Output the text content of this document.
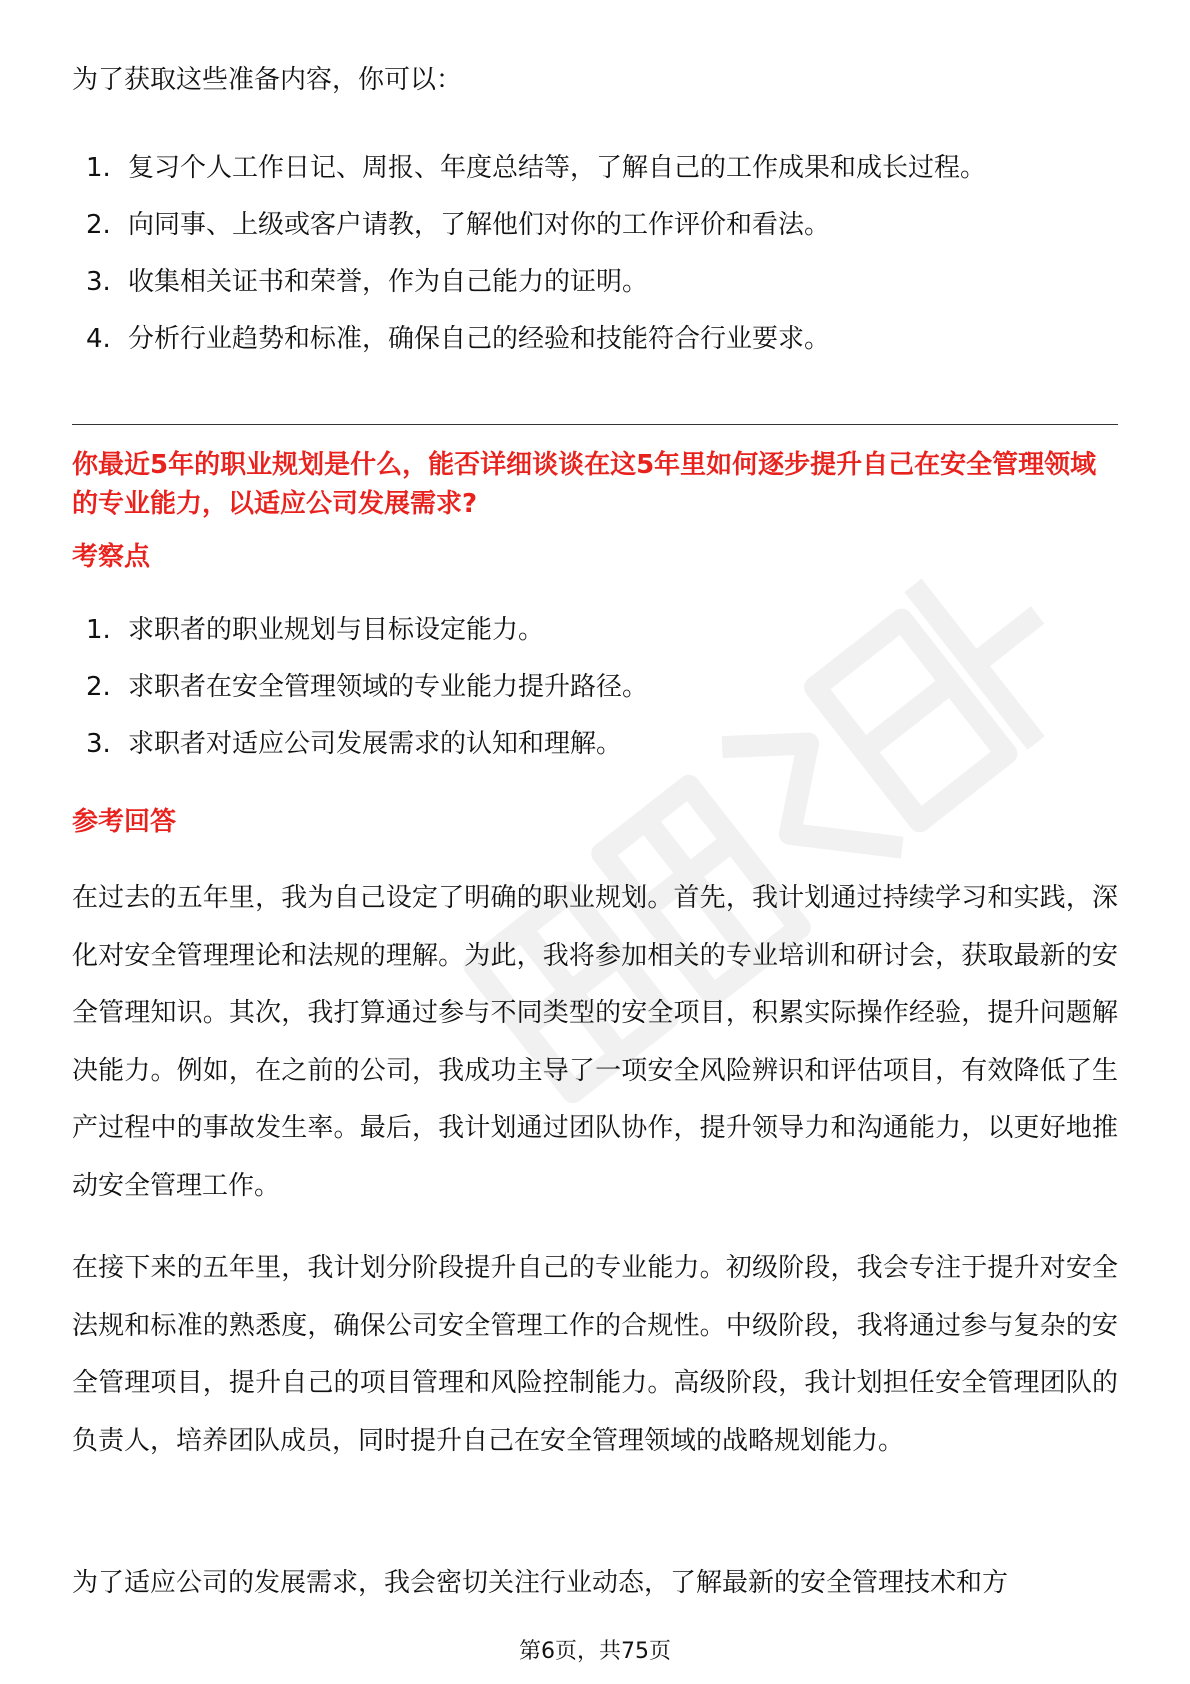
为了获取这些准备内容，你可以：

1. 复习个人工作日记、周报、年度总结等，了解自己的工作成果和成长过程。
2. 向同事、上级或客户请教，了解他们对你的工作评价和看法。
3. 收集相关证书和荣誉，作为自己能力的证明。
4. 分析行业趋势和标准，确保自己的经验和技能符合行业要求。

你最近5年的职业规划是什么，能否详细谈谈在这5年里如何逐步提升自己在安全管理领域的专业能力，以适应公司发展需求?

考察点

1. 求职者的职业规划与目标设定能力。
2. 求职者在安全管理领域的专业能力提升路径。
3. 求职者对适应公司发展需求的认知和理解。

参考回答

在过去的五年里，我为自己设定了明确的职业规划。首先，我计划通过持续学习和实践，深化对安全管理理论和法规的理解。为此，我将参加相关的专业培训和研讨会，获取最新的安全管理知识。其次，我打算通过参与不同类型的安全项目，积累实际操作经验，提升问题解决能力。例如，在之前的公司，我成功主导了一项安全风险辨识和评估项目，有效降低了生产过程中的事故发生率。最后，我计划通过团队协作，提升领导力和沟通能力，以更好地推动安全管理工作。

在接下来的五年里，我计划分阶段提升自己的专业能力。初级阶段，我会专注于提升对安全法规和标准的熟悉度，确保公司安全管理工作的合规性。中级阶段，我将通过参与复杂的安全管理项目，提升自己的项目管理和风险控制能力。高级阶段，我计划担任安全管理团队的负责人，培养团队成员，同时提升自己在安全管理领域的战略规划能力。

为了适应公司的发展需求，我会密切关注行业动态，了解最新的安全管理技术和方

第6页，共75页
